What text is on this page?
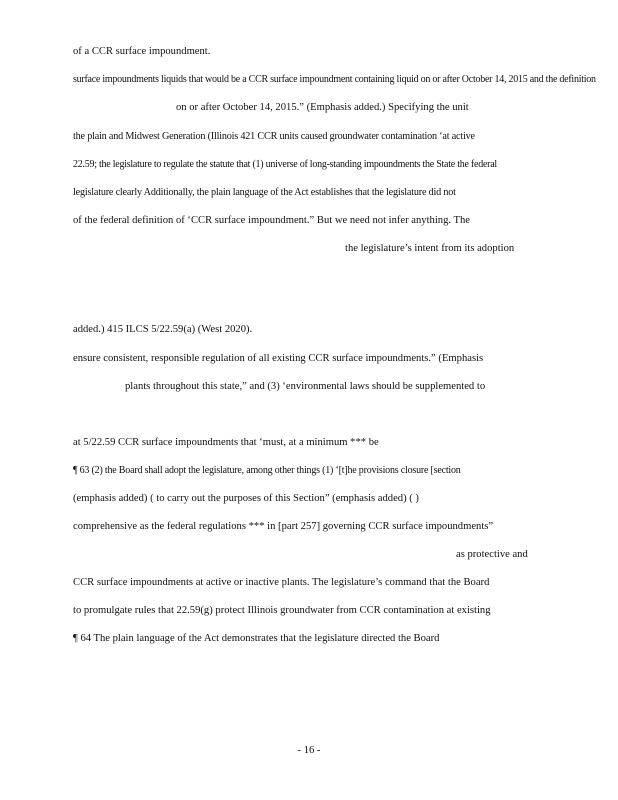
of a CCR surface impoundment.
surface impoundments liquids that would be a CCR surface impoundment containing liquid on or after October 14, 2015 and the definition
on or after October 14, 2015.” (Emphasis added.) Specifying the unit
the plain and Midwest Generation (Illinois 421 CCR units caused groundwater contamination ‘at active
22.59; the legislature to regulate the statute that (1) universe of long-standing impoundments the State the federal
legislature clearly Additionally, the plain language of the Act establishes that the legislature did not
of the federal definition of ‘CCR surface impoundment.” But we need not infer anything. The
the legislature’s intent from its adoption
added.) 415 ILCS 5/22.59(a) (West 2020).
ensure consistent, responsible regulation of all existing CCR surface impoundments.” (Emphasis
plants throughout this state,” and (3) ‘environmental laws should be supplemented to
at 5/22.59 CCR surface impoundments that ‘must, at a minimum *** be
¶ 63 (2) the Board shall adopt the legislature, among other things (1) ‘[t]he provisions closure [section
(emphasis added) ( to carry out the purposes of this Section” (emphasis added) ( )
comprehensive as the federal regulations *** in [part 257] governing CCR surface impoundments”
as protective and
CCR surface impoundments at active or inactive plants. The legislature’s command that the Board
to promulgate rules that 22.59(g) protect Illinois groundwater from CCR contamination at existing
¶ 64 The plain language of the Act demonstrates that the legislature directed the Board
- 16 -
